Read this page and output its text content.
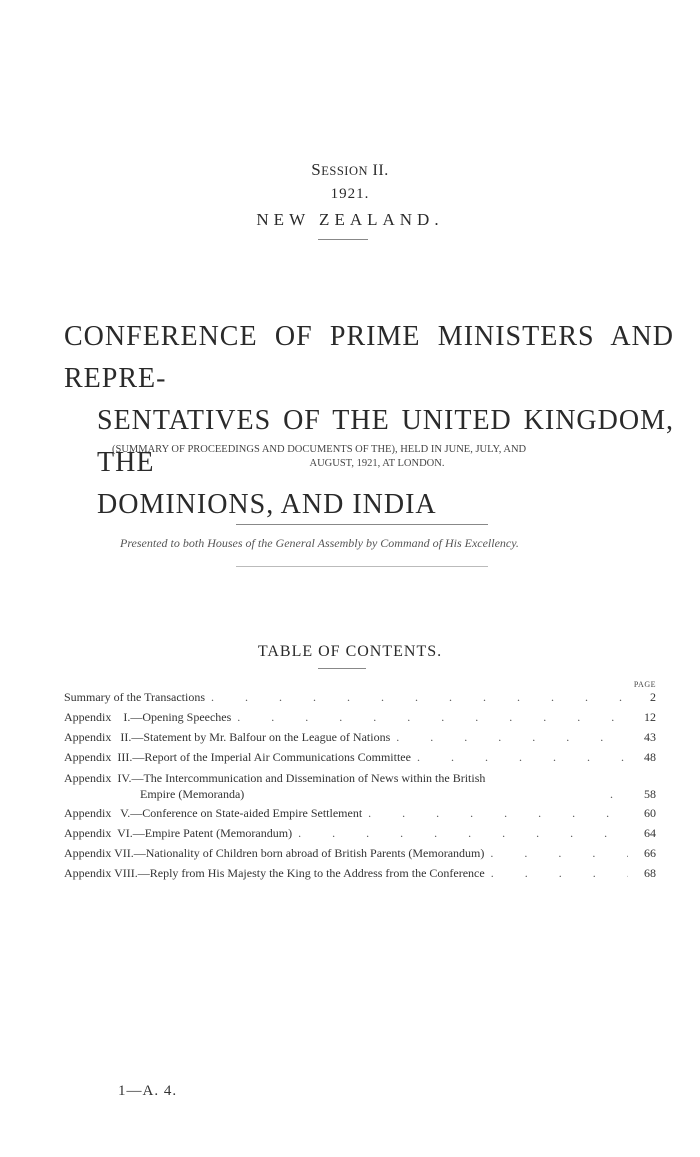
SESSION II.
1921.
NEW ZEALAND.
CONFERENCE OF PRIME MINISTERS AND REPRE-
SENTATIVES OF THE UNITED KINGDOM, THE
DOMINIONS, AND INDIA
(SUMMARY OF PROCEEDINGS AND DOCUMENTS OF THE), HELD IN JUNE, JULY, AND
AUGUST, 1921, AT LONDON.
Presented to both Houses of the General Assembly by Command of His Excellency.
TABLE OF CONTENTS.
PAGE
Summary of the Transactions . . .	2
Appendix    I.—Opening Speeches . . .	12
Appendix   II.—Statement by Mr. Balfour on the League of Nations . . .	43
Appendix  III.—Report of the Imperial Air Communications Committee . . .	48
Appendix  IV.—The Intercommunication and Dissemination of News within the British
Empire (Memoranda) . . .	58
Appendix   V.—Conference on State-aided Empire Settlement . . .	60
Appendix  VI.—Empire Patent (Memorandum) . . .	64
Appendix VII.—Nationality of Children born abroad of British Parents (Memorandum) . . .	66
Appendix VIII.—Reply from His Majesty the King to the Address from the Conference . . .	68
1—A. 4.
